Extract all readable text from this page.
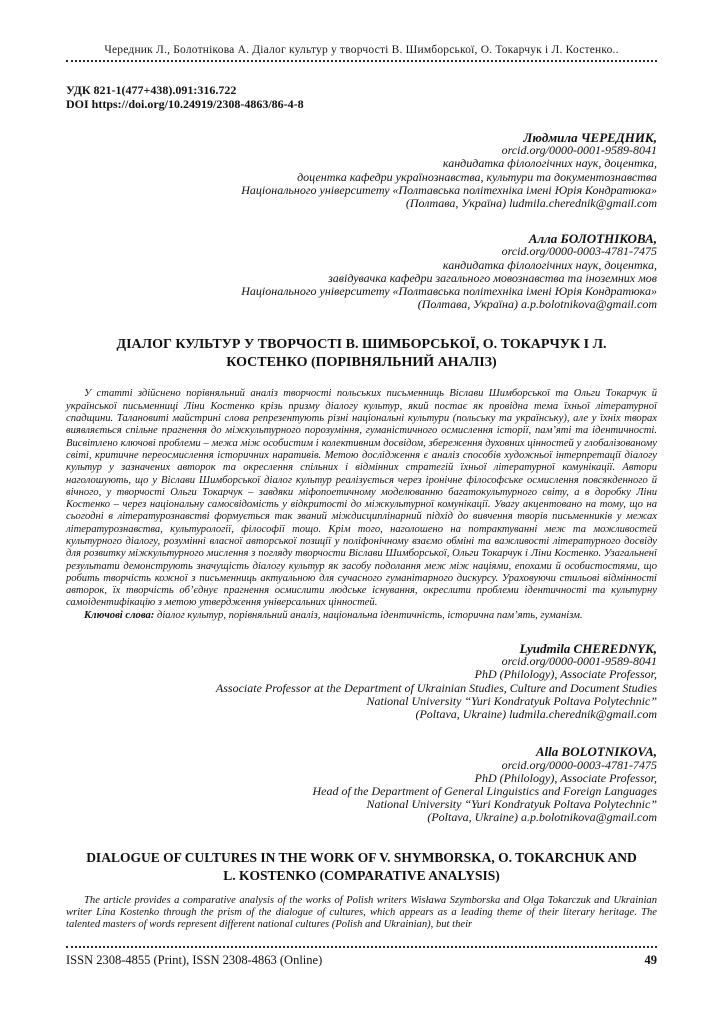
Чередник Л., Болотнікова А. Діалог культур у творчості В. Шимборської, О. Токарчук і Л. Костенко..
УДК 821-1(477+438).091:316.722
DOI https://doi.org/10.24919/2308-4863/86-4-8
Людмила ЧЕРЕДНИК,
orcid.org/0000-0001-9589-8041
кандидатка філологічних наук, доцентка,
доцентка кафедри українознавства, культури та документознавства
Національного університету «Полтавська політехніка імені Юрія Кондратюка»
(Полтава, Україна) ludmila.cherednik@gmail.com
Алла БОЛОТНІКОВА,
orcid.org/0000-0003-4781-7475
кандидатка філологічних наук, доцентка,
завідувачка кафедри загального мовознавства та іноземних мов
Національного університету «Полтавська політехніка імені Юрія Кондратюка»
(Полтава, Україна) a.p.bolotnikova@gmail.com
ДІАЛОГ КУЛЬТУР У ТВОРЧОСТІ В. ШИМБОРСЬКОЇ, О. ТОКАРЧУК І Л. КОСТЕНКО (ПОРІВНЯЛЬНИЙ АНАЛІЗ)

У статті здійснено порівняльний аналіз творчості польських письменниць Віслави Шимборської та Ольги Токарчук й української письменниці Ліни Костенко крізь призму діалогу культур, який постає як провідна тема їхньої літературної спадщини. Талановиті майстрині слова репрезентують різні національні культури (польську та українську), але у їхніх творах виявляється спільне прагнення до міжкультурного порозуміння, гуманістичного осмислення історії, пам’яті та ідентичності. Висвітлено ключові проблеми – межа між особистим і колективним досвідом, збереження духовних цінностей у глобалізованому світі, критичне переосмислення історичних наративів. Метою дослідження є аналіз способів художньої інтерпретації діалогу культур у зазначених авторок та окреслення спільних і відмінних стратегій їхньої літературної комунікації. Автори наголошують, що у Віслави Шимборської діалог культур реалізується через іронічне філософське осмислення повсякденного й вічного, у творчості Ольги Токарчук – завдяки міфопоетичному моделюванню багатокультурного світу, а в доробку Ліни Костенко – через національну самосвідомість у відкритості до міжкультурної комунікації. Увагу акцентовано на тому, що на сьогодні в літературознавстві формується так званий міждисциплінарний підхід до вивчення творів письменників у межах літературознавства, культурології, філософії тощо. Крім того, наголошено на потрактуванні меж та можливостей культурного діалогу, розумінні власної авторської позиції у поліфонічному взаємо обміні та важливості літературного досвіду для розвитку міжкультурного мислення з погляду творчости Віслави Шимборської, Ольги Токарчук і Ліни Костенко. Узагальнені результати демонструють значущість діалогу культур як засобу подолання меж між націями, епохами й особистостями, що робить творчість кожної з письменниць актуальною для сучасного гуманітарного дискурсу. Ураховуючи стильові відмінності авторок, їх творчість об’єднує прагнення осмислити людське існування, окреслити проблеми ідентичності та культурну самоідентифікацію з метою утвердження універсальних цінностей.

Ключові слова: діалог культур, порівняльний аналіз, національна ідентичність, історична пам’ять, гуманізм.

Lyudmila CHEREDNYK,
orcid.org/0000-0001-9589-8041
PhD (Philology), Associate Professor,
Associate Professor at the Department of Ukrainian Studies, Culture and Document Studies
National University “Yuri Kondratyuk Poltava Polytechnic”
(Poltava, Ukraine) ludmila.cherednik@gmail.com
Alla BOLOTNIKOVA,
orcid.org/0000-0003-4781-7475
PhD (Philology), Associate Professor,
Head of the Department of General Linguistics and Foreign Languages
National University “Yuri Kondratyuk Poltava Polytechnic”
(Poltava, Ukraine) a.p.bolotnikova@gmail.com
DIALOGUE OF CULTURES IN THE WORK OF V. SHYMBORSKA, O. TOKARCHUK AND L. KOSTENKO (COMPARATIVE ANALYSIS)

The article provides a comparative analysis of the works of Polish writers Wisława Szymborska and Olga Tokarczuk and Ukrainian writer Lina Kostenko through the prism of the dialogue of cultures, which appears as a leading theme of their literary heritage. The talented masters of words represent different national cultures (Polish and Ukrainian), but their

ISSN 2308-4855 (Print), ISSN 2308-4863 (Online)	49
